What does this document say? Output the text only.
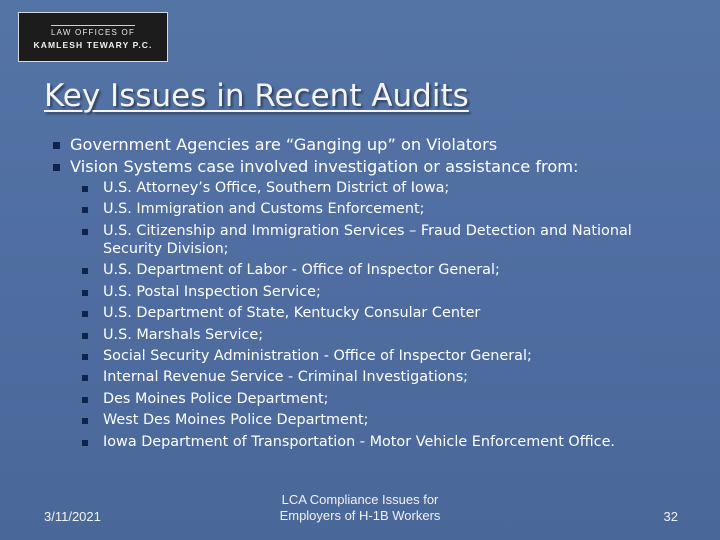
LAW OFFICES OF
KAMLESH TEWARY P.C.
Key Issues in Recent Audits
Government Agencies are “Ganging up” on Violators
Vision Systems case involved investigation or assistance from:
U.S. Attorney’s Office, Southern District of Iowa;
U.S. Immigration and Customs Enforcement;
U.S. Citizenship and Immigration Services – Fraud Detection and National Security Division;
U.S. Department of Labor - Office of Inspector General;
U.S. Postal Inspection Service;
U.S. Department of State, Kentucky Consular Center
U.S. Marshals Service;
Social Security Administration - Office of Inspector General;
Internal Revenue Service - Criminal Investigations;
Des Moines Police Department;
West Des Moines Police Department;
Iowa Department of Transportation - Motor Vehicle Enforcement Office.
3/11/2021
LCA Compliance Issues for
Employers of H-1B Workers	32
